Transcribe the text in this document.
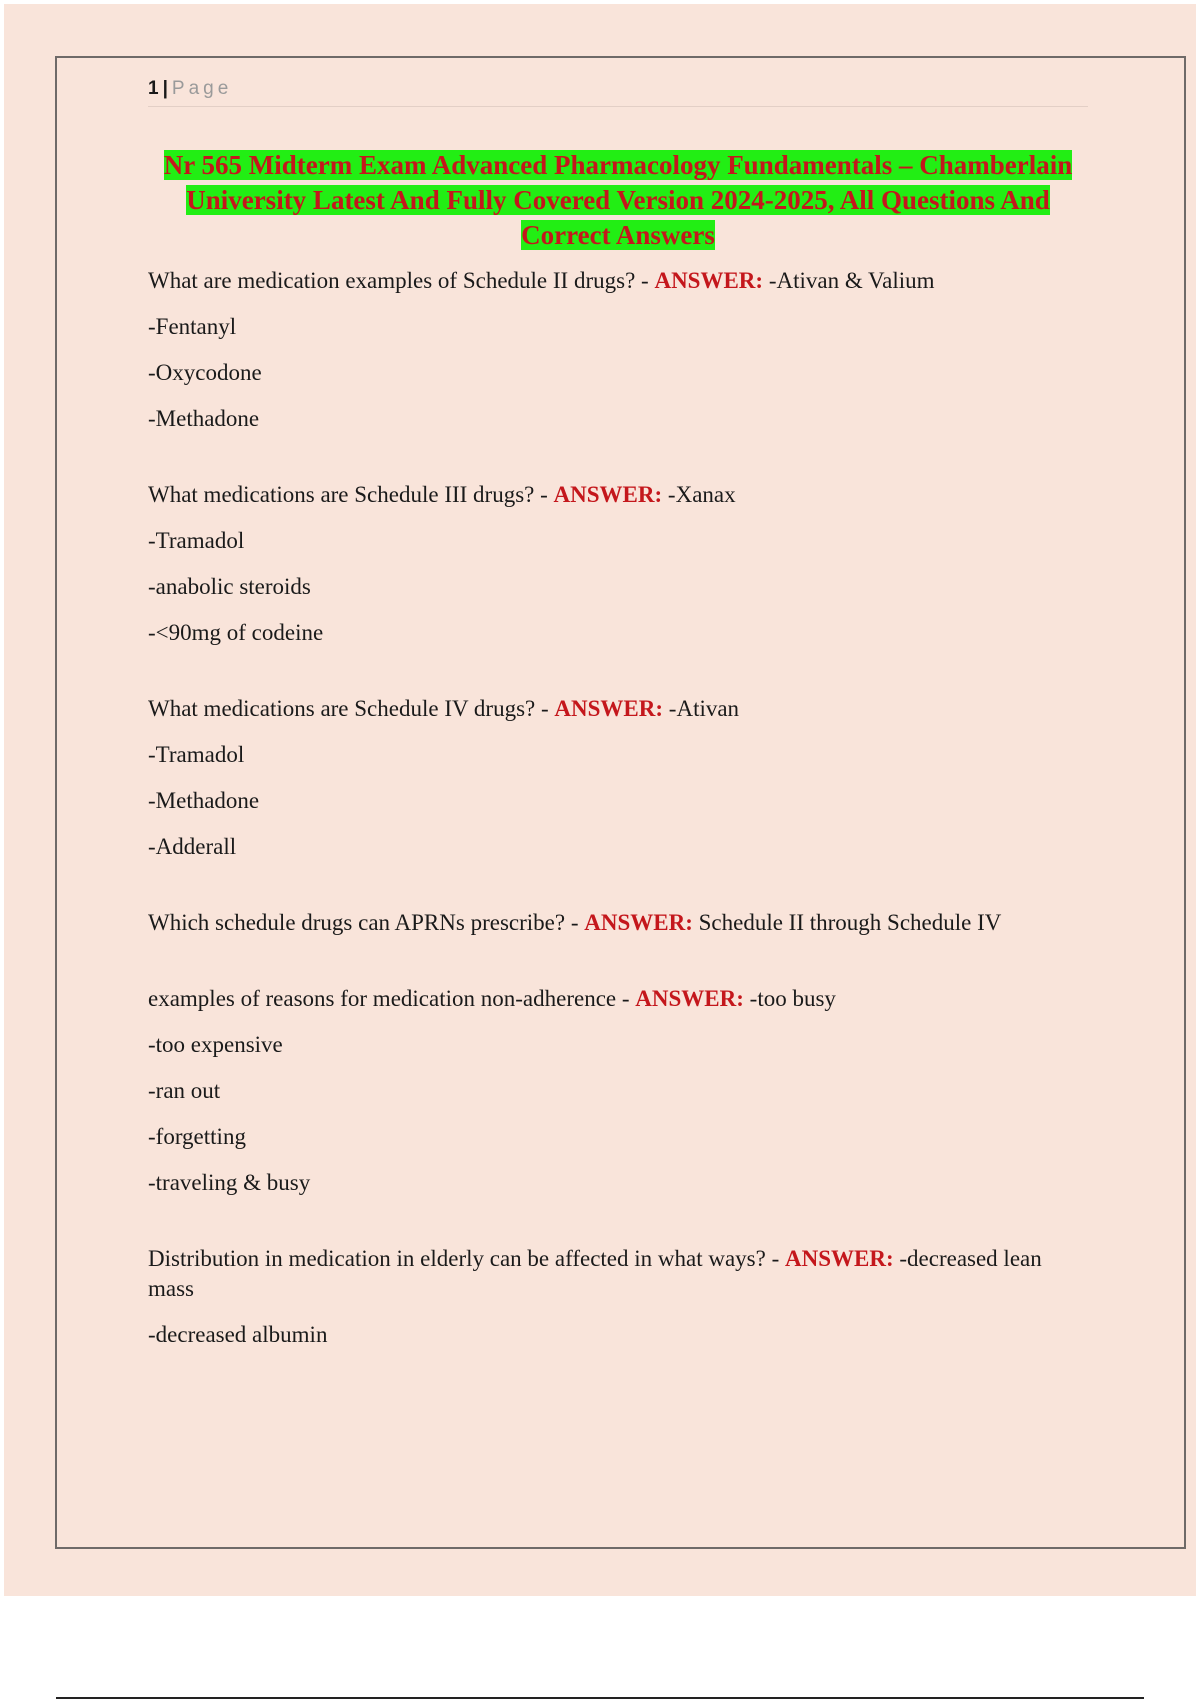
1 | Page
Nr 565 Midterm Exam Advanced Pharmacology Fundamentals – Chamberlain University Latest And Fully Covered Version 2024-2025, All Questions And Correct Answers
What are medication examples of Schedule II drugs? - ANSWER: -Ativan & Valium
-Fentanyl
-Oxycodone
-Methadone
What medications are Schedule III drugs? - ANSWER: -Xanax
-Tramadol
-anabolic steroids
-<90mg of codeine
What medications are Schedule IV drugs? - ANSWER: -Ativan
-Tramadol
-Methadone
-Adderall
Which schedule drugs can APRNs prescribe? - ANSWER: Schedule II through Schedule IV
examples of reasons for medication non-adherence - ANSWER: -too busy
-too expensive
-ran out
-forgetting
-traveling & busy
Distribution in medication in elderly can be affected in what ways? - ANSWER: -decreased lean mass
-decreased albumin
